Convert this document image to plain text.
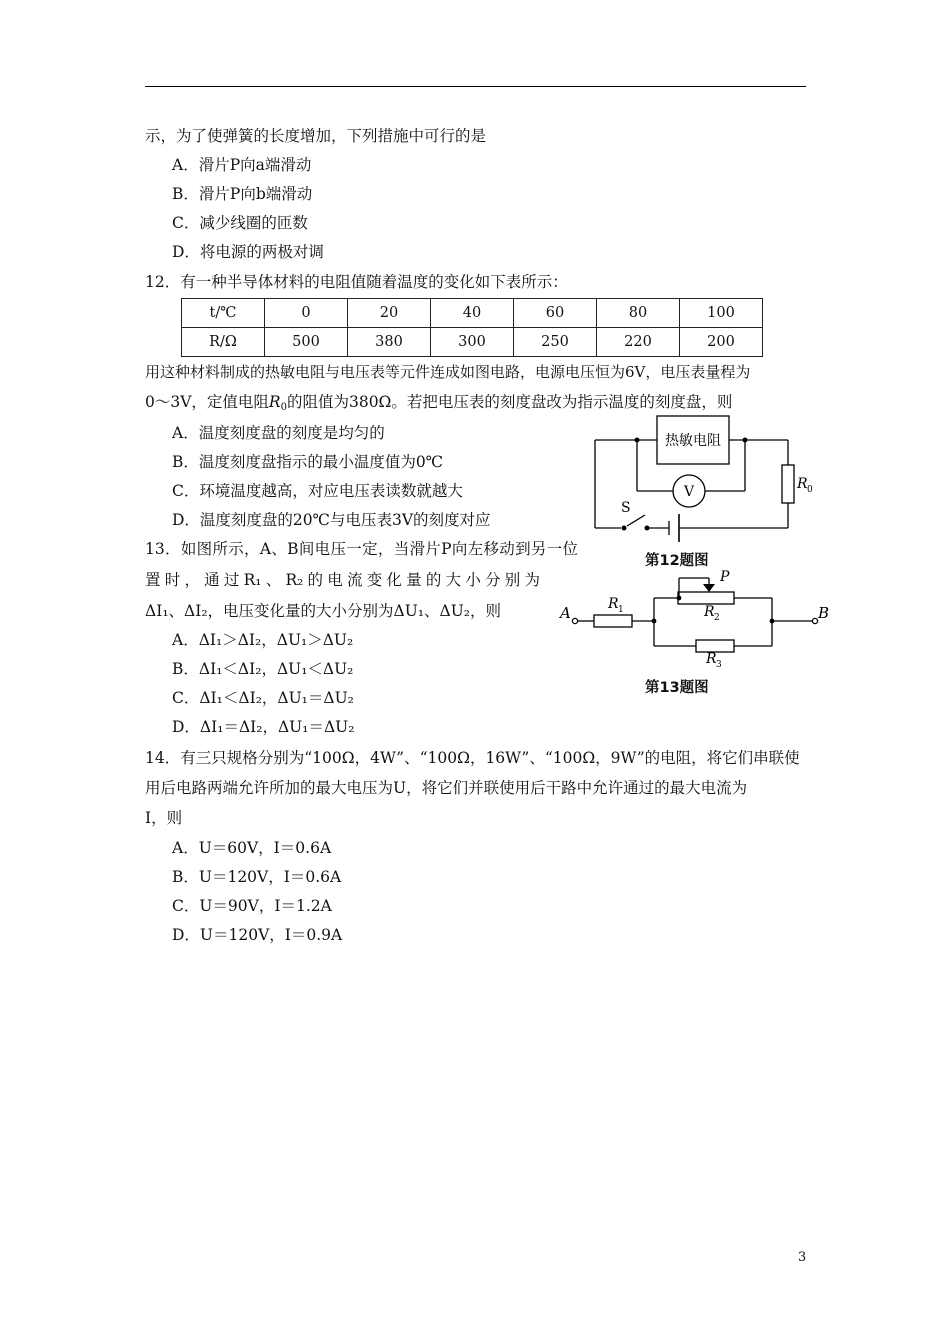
示，为了使弹簧的长度增加，下列措施中可行的是
A．滑片P向a端滑动
B．滑片P向b端滑动
C．减少线圈的匝数
D．将电源的两极对调
12．有一种半导体材料的电阻值随着温度的变化如下表所示：
t/℃	0	20	40	60	80	100
R/Ω	500	380	300	250	220	200
用这种材料制成的热敏电阻与电压表等元件连成如图电路，电源电压恒为6V，电压表量程为
0～3V，定值电阻$R_0$的阻值为380Ω。若把电压表的刻度盘改为指示温度的刻度盘，则
A．温度刻度盘的刻度是均匀的
B．温度刻度盘指示的最小温度值为0℃
C．环境温度越高，对应电压表读数就越大
D．温度刻度盘的20℃与电压表3V的刻度对应
热敏电阻
V	R 0
S
第12题图
13．如图所示，A、B间电压一定，当滑片P向左移动到另一位
置时，通过R₁、R₂的电流变化量的大小分别为
ΔI₁、ΔI₂，电压变化量的大小分别为ΔU₁、ΔU₂，则
A．ΔI₁＞ΔI₂，ΔU₁＞ΔU₂
B．ΔI₁＜ΔI₂，ΔU₁＜ΔU₂
C．ΔI₁＜ΔI₂，ΔU₁＝ΔU₂
D．ΔI₁＝ΔI₂，ΔU₁＝ΔU₂
A	B
R 1	R 2
R 3
P
第13题图
14．有三只规格分别为“100Ω，4W”、“100Ω，16W”、“100Ω，9W”的电阻，将它们串联使
用后电路两端允许所加的最大电压为U，将它们并联使用后干路中允许通过的最大电流为
I，则
A．U＝60V，I＝0.6A
B．U＝120V，I＝0.6A
C．U＝90V，I＝1.2A
D．U＝120V，I＝0.9A
3
